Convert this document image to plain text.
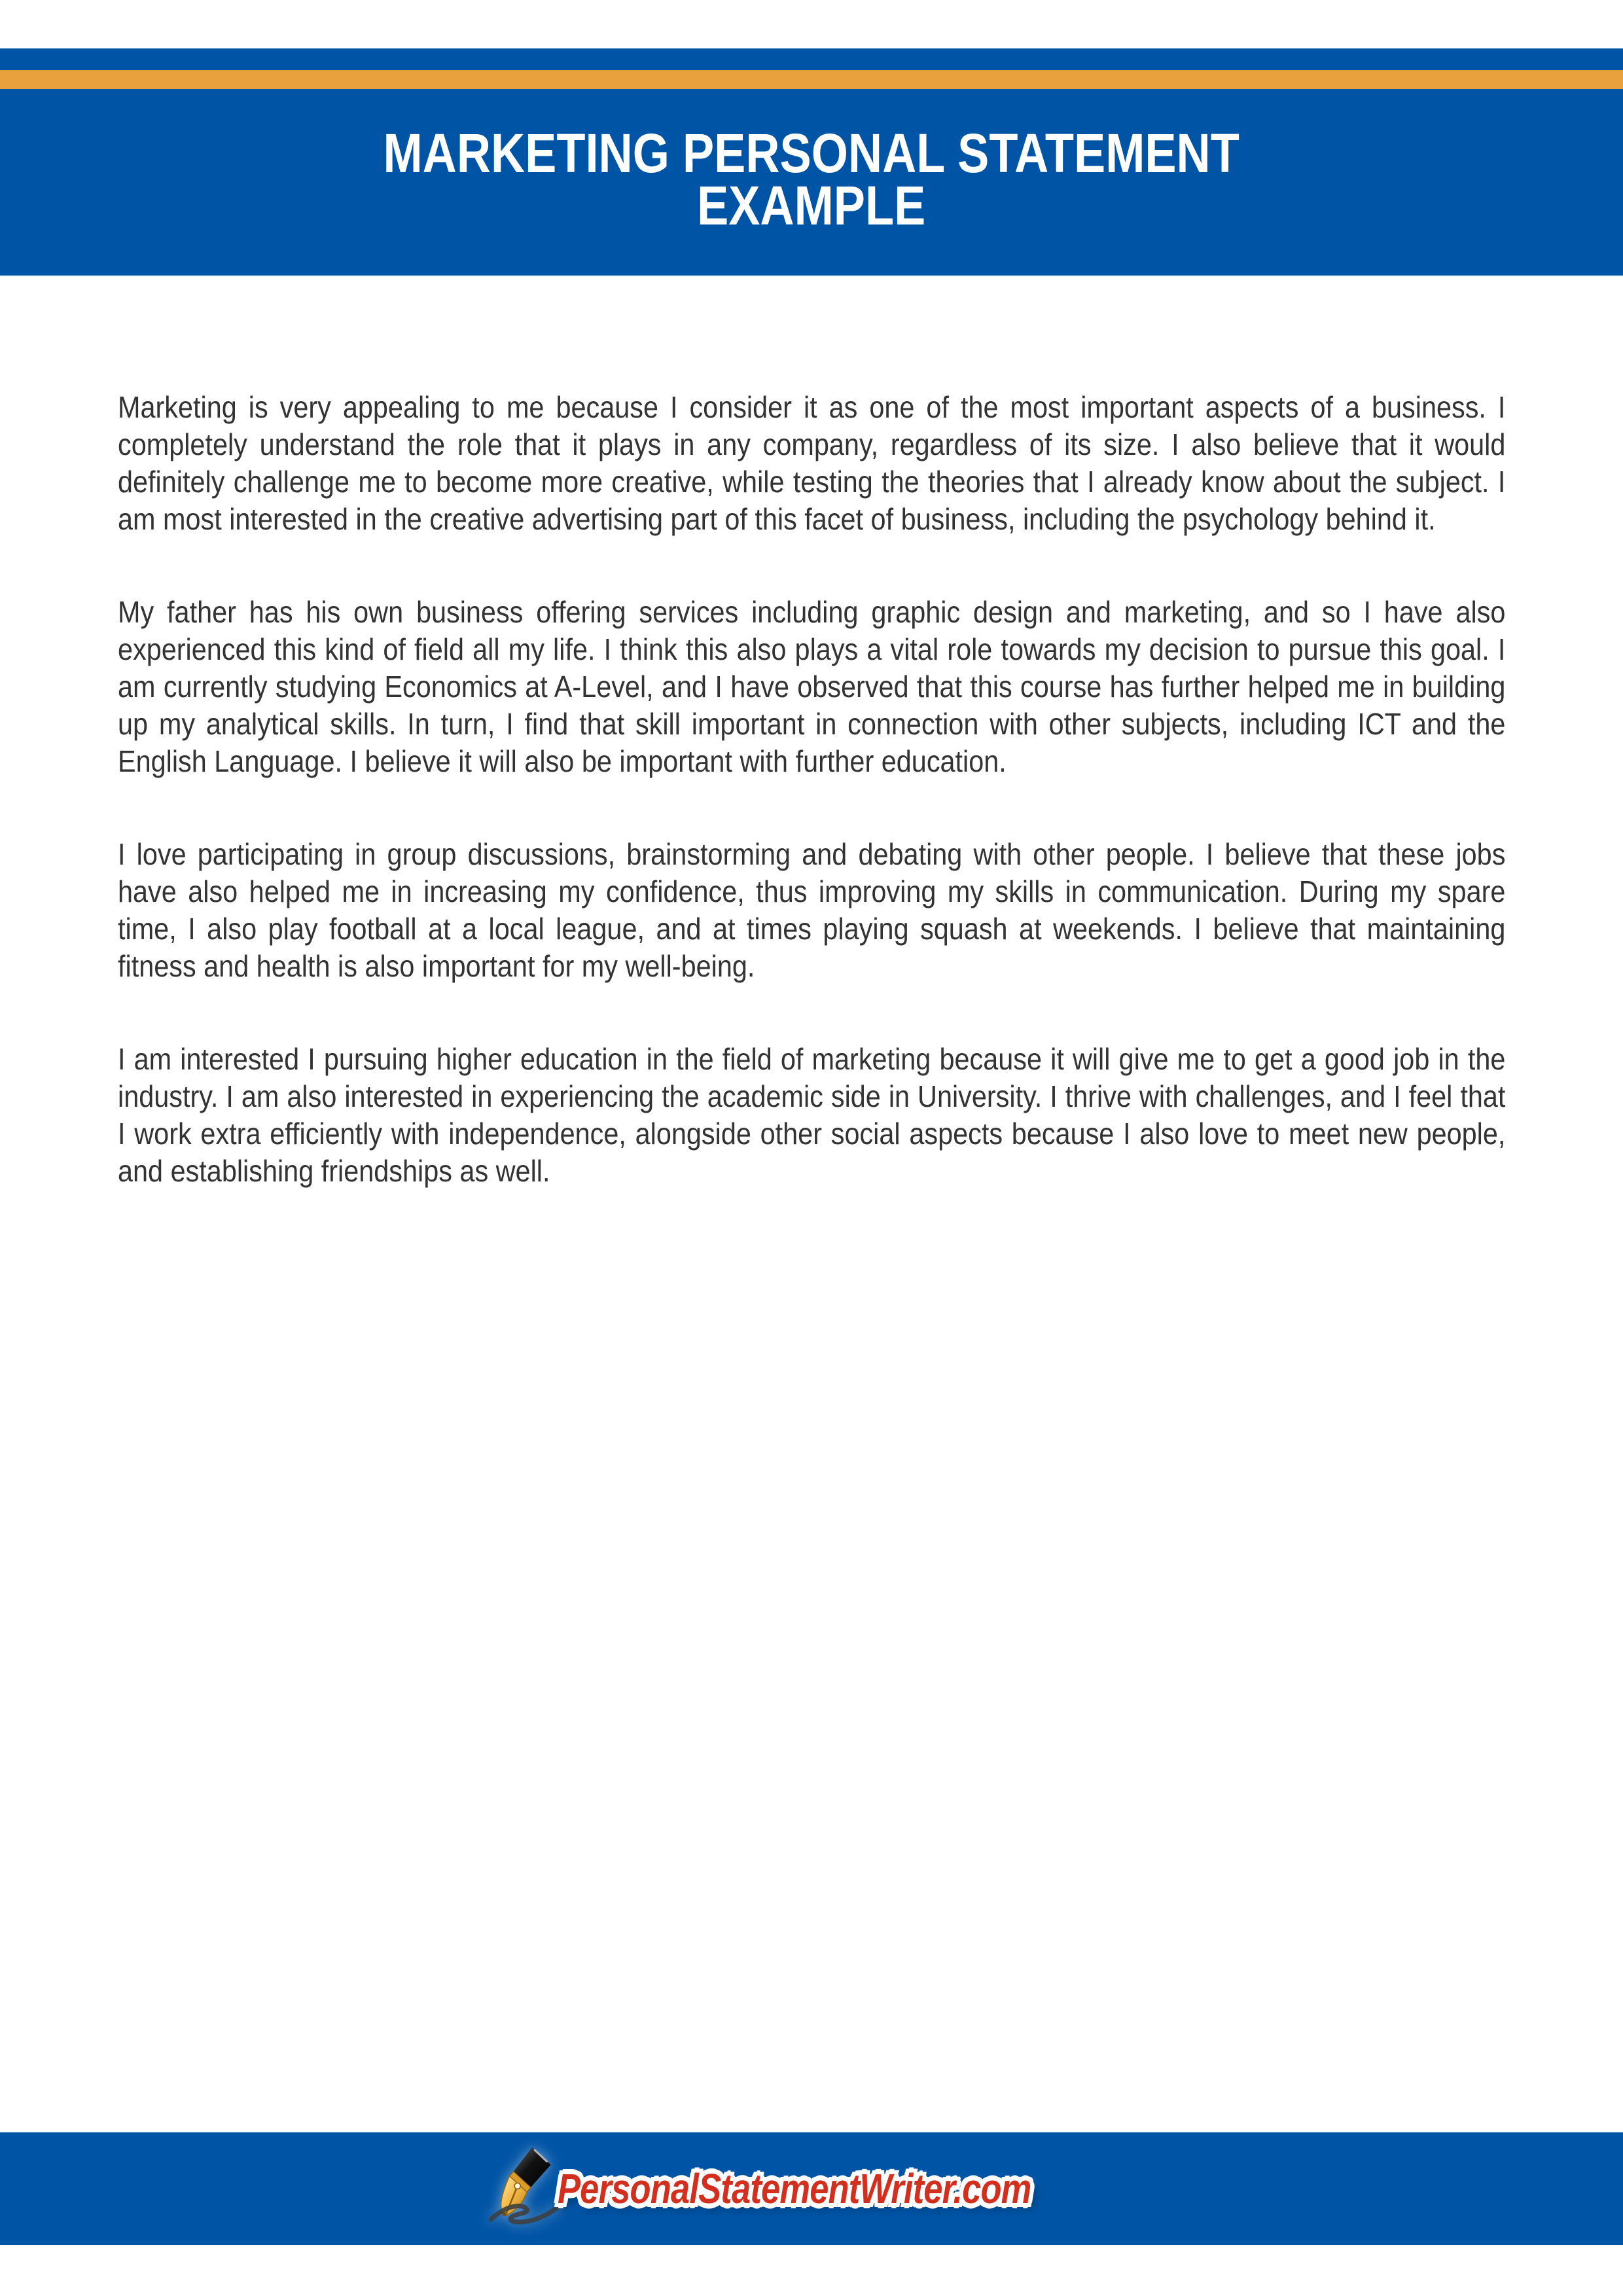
MARKETING PERSONAL STATEMENT
EXAMPLE

Marketing is very appealing to me because I consider it as one of the most important aspects of a business. I completely understand the role that it plays in any company, regardless of its size. I also believe that it would definitely challenge me to become more creative, while testing the theories that I already know about the subject. I am most interested in the creative advertising part of this facet of business, including the psychology behind it.

My father has his own business offering services including graphic design and marketing, and so I have also experienced this kind of field all my life. I think this also plays a vital role towards my decision to pursue this goal. I am currently studying Economics at A-Level, and I have observed that this course has further helped me in building up my analytical skills. In turn, I find that skill important in connection with other subjects, including ICT and the English Language. I believe it will also be important with further education.

I love participating in group discussions, brainstorming and debating with other people. I believe that these jobs have also helped me in increasing my confidence, thus improving my skills in communication. During my spare time, I also play football at a local league, and at times playing squash at weekends. I believe that maintaining fitness and health is also important for my well-being.

I am interested I pursuing higher education in the field of marketing because it will give me to get a good job in the industry. I am also interested in experiencing the academic side in University. I thrive with challenges, and I feel that I work extra efficiently with independence, alongside other social aspects because I also love to meet new people, and establishing friendships as well.

PersonalStatementWriter.com
